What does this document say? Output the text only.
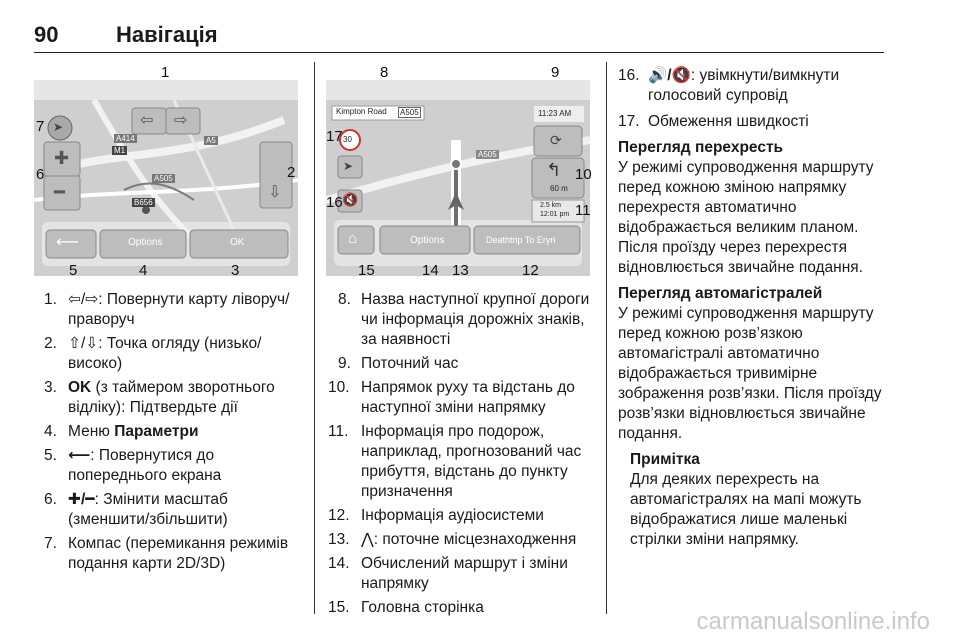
90	Навігація
A414
M1
A5
A505
B656
⇦ ⇨
✚
━	⇩
➤
⟵	Options	OK
1
2
3
4
5
6
7
Kimpton Road A505	11:23 AM
A505
⟳
↰
60 m
2.5 km
12:01 pm
30
➤
🔇
⌂	Options	Deathtrip To Eryri
8	9
10
11
12
13
14
15
16
17
1. ⇦/⇨: Повернути карту ліворуч/праворуч
2. ⇧/⇩: Точка огляду (низько/високо)
3. OK (з таймером зворотнього відліку): Підтвердьте дії
4. Меню Параметри
5. ⟵: Повернутися до попереднього екрана
6. ✚/━: Змінити масштаб (зменшити/збільшити)
7. Компас (перемикання режимів подання карти 2D/3D)
8. Назва наступної крупної дороги чи інформація дорожніх знаків, за наявності
9. Поточний час
10. Напрямок руху та відстань до наступної зміни напрямку
11. Інформація про подорож, наприклад, прогнозований час прибуття, відстань до пункту призначення
12. Інформація аудіосистеми
13. ⋀: поточне місцезнаходження
14. Обчислений маршрут і зміни напрямку
15. Головна сторінка
16. 🔊/🔇: увімкнути/вимкнути голосовий супровід
17. Обмеження швидкості
Перегляд перехресть

У режимі супроводження маршруту перед кожною зміною напрямку перехрестя автоматично відображається великим планом. Після проїзду через перехрестя відновлюється звичайне подання.

Перегляд автомагістралей

У режимі супроводження маршруту перед кожною розв’язкою автомагістралі автоматично відображається тривимірне зображення розв’язки. Після проїзду розв’язки відновлюється звичайне подання.

Примітка

Для деяких перехресть на автомагістралях на мапі можуть відображатися лише маленькі стрілки зміни напрямку.

carmanualsonline.info
